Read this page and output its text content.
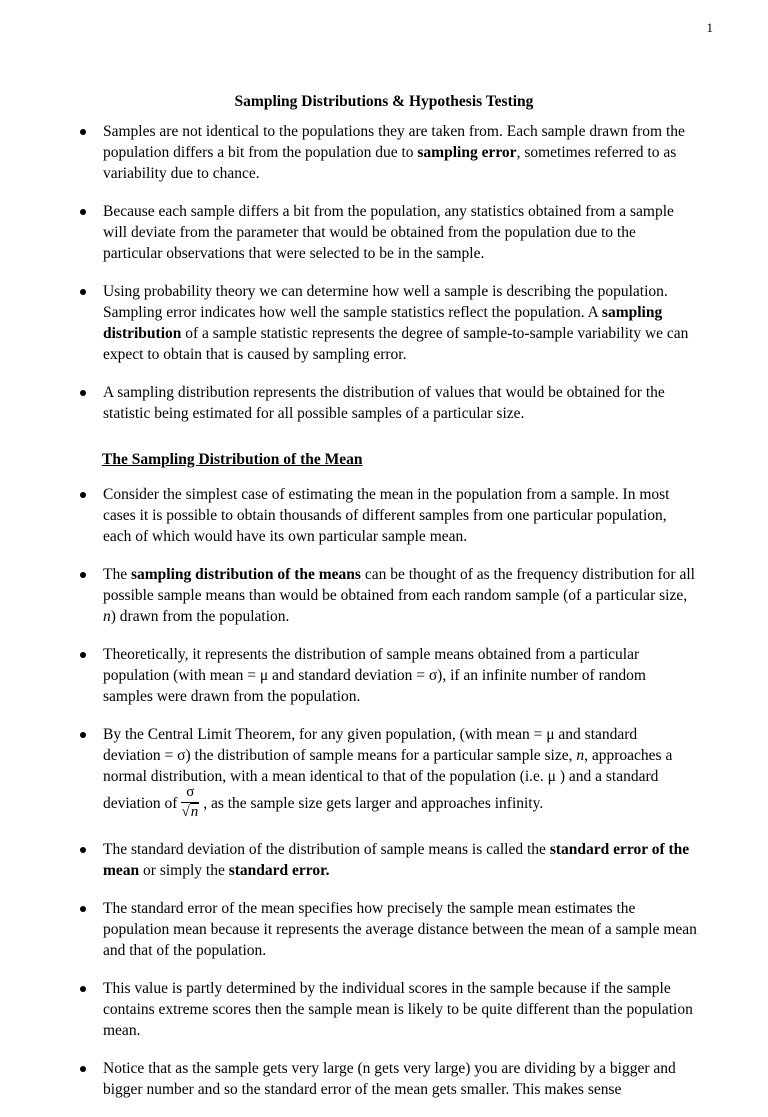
1
Sampling Distributions & Hypothesis Testing
Samples are not identical to the populations they are taken from. Each sample drawn from the population differs a bit from the population due to sampling error, sometimes referred to as variability due to chance.
Because each sample differs a bit from the population, any statistics obtained from a sample will deviate from the parameter that would be obtained from the population due to the particular observations that were selected to be in the sample.
Using probability theory we can determine how well a sample is describing the population. Sampling error indicates how well the sample statistics reflect the population. A sampling distribution of a sample statistic represents the degree of sample-to-sample variability we can expect to obtain that is caused by sampling error.
A sampling distribution represents the distribution of values that would be obtained for the statistic being estimated for all possible samples of a particular size.
The Sampling Distribution of the Mean
Consider the simplest case of estimating the mean in the population from a sample. In most cases it is possible to obtain thousands of different samples from one particular population, each of which would have its own particular sample mean.
The sampling distribution of the means can be thought of as the frequency distribution for all possible sample means than would be obtained from each random sample (of a particular size, n) drawn from the population.
Theoretically, it represents the distribution of sample means obtained from a particular population (with mean = μ and standard deviation = σ), if an infinite number of random samples were drawn from the population.
By the Central Limit Theorem, for any given population, (with mean = μ and standard deviation = σ) the distribution of sample means for a particular sample size, n, approaches a normal distribution, with a mean identical to that of the population (i.e. μ ) and a standard deviation of $\frac{\sigma}{√n}$ , as the sample size gets larger and approaches infinity.
The standard deviation of the distribution of sample means is called the standard error of the mean or simply the standard error.
The standard error of the mean specifies how precisely the sample mean estimates the population mean because it represents the average distance between the mean of a sample mean and that of the population.
This value is partly determined by the individual scores in the sample because if the sample contains extreme scores then the sample mean is likely to be quite different than the population mean.
Notice that as the sample gets very large (n gets very large) you are dividing by a bigger and bigger number and so the standard error of the mean gets smaller. This makes sense
